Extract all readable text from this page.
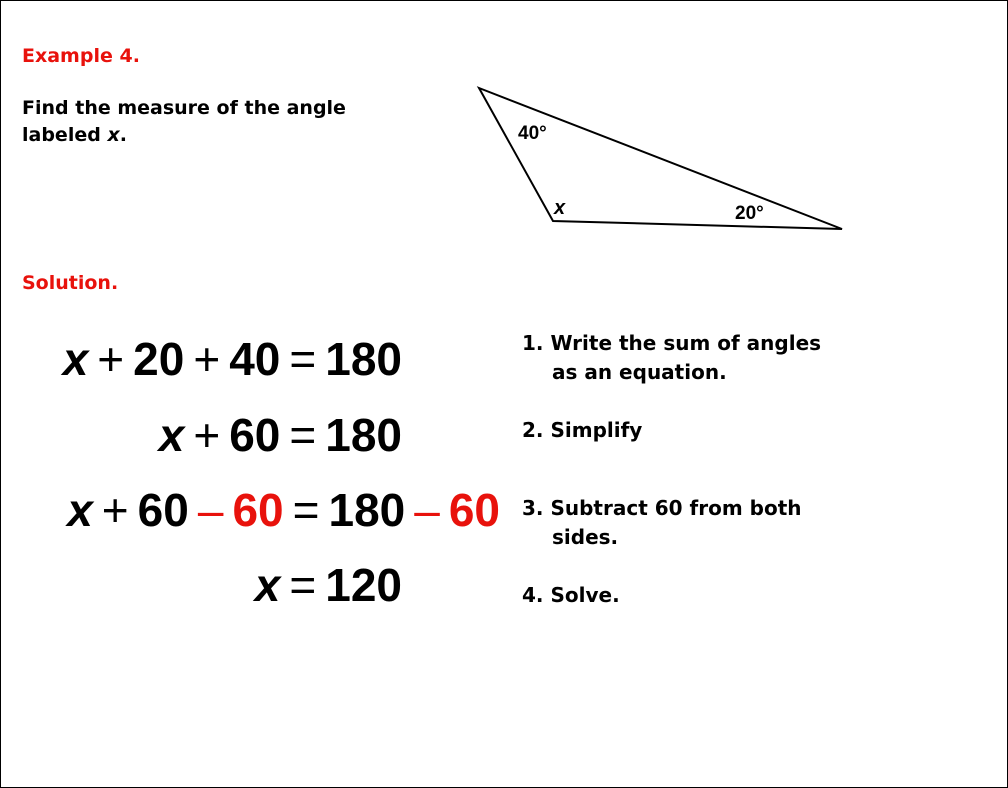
Example 4.
Find the measure of the angle
labeled x.	40°
20°
x
Solution.
x + 20 + 40 = 180
x + 60 = 180
x + 60 – 60 = 180 – 60
x = 120
1. Write the sum of angles
as an equation.
2. Simplify
3. Subtract 60 from both
sides.
4. Solve.
